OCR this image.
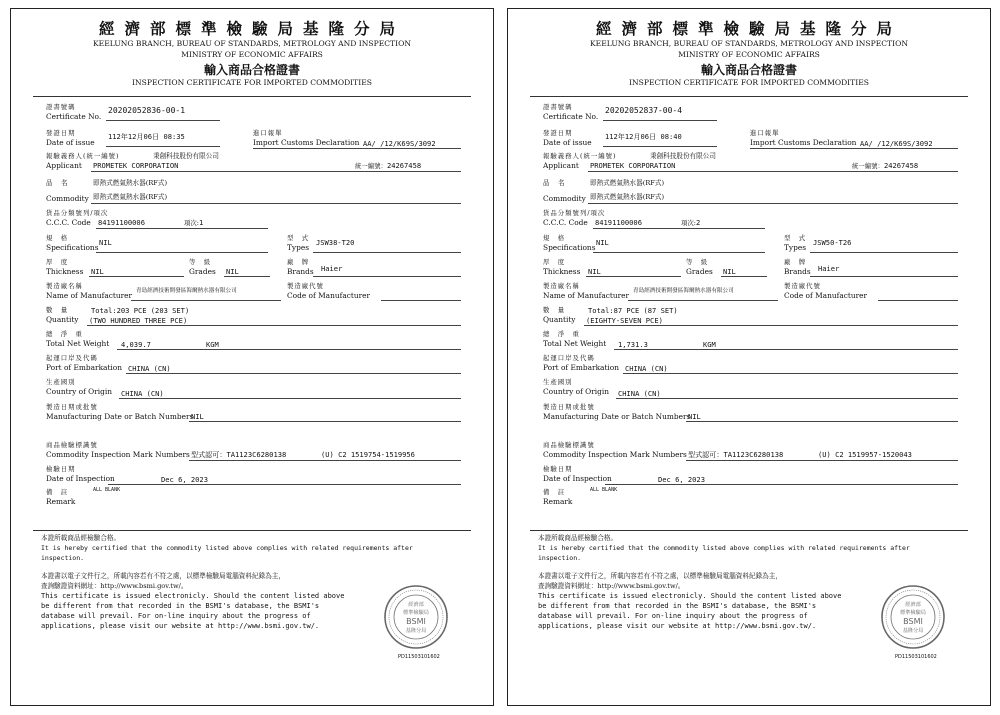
經濟部標準檢驗局基隆分局
KEELUNG BRANCH, BUREAU OF STANDARDS, METROLOGY AND INSPECTION
MINISTRY OF ECONOMIC AFFAIRS
輸入商品合格證書
INSPECTION CERTIFICATE FOR IMPORTED COMMODITIES
證書號碼
Certificate No.
20202052836-00-1
發證日期
Date of issue
112年12月06日 08:35	進口報單
Import Customs Declaration AA/ /12/K69S/3092
報驗義務人(統一編號)
Applicant
秉創科技股份有限公司
PROMETEK CORPORATION	統一編號：24267458
品　名	即熱式燃氣熱水器(RF式)
Commodity 即熱式燃氣熱水器(RF式)
貨品分類號列/項次
C.C.C. Code	84191100006	項次:1
規　格
Specifications
NIL	型　式
Types
JSW38-T20
厚　度
Thickness NIL
等　級
Grades NIL
廠　牌
Brands Haier
製造廠名稱
Name of Manufacturer 青島經濟技術開發區海爾熱水器有限公司
製造廠代號
Code of Manufacturer
數　量
Quantity
Total:203 PCE (203 SET)
(TWO HUNDRED THREE PCE)
總　淨　重
Total Net Weight 4,039.7	KGM
起運口岸及代碼
Port of Embarkation CHINA (CN)
生產國別
Country of Origin CHINA (CN)
製造日期或批號
Manufacturing Date or Batch Numbers
NIL
商品檢驗標識號
Commodity Inspection Mark Numbers 型式認可：TA1123C6280138	(U) C2 1519754-1519956
檢驗日期
Date of Inspection	Dec 6, 2023
備　註
Remark
ALL BLANK
本證所載商品經檢驗合格。
It is hereby certified that the commodity listed above complies with related requirements after
inspection.
本證書以電子文件行之，所載內容若有不符之處，以標準檢驗局電腦資料紀錄為主，
查詢驗證資料網址：http://www.bsmi.gov.tw/。
This certificate is issued electronicly. Should the content listed above
be different from that recorded in the BSMI's database, the BSMI's
database will prevail. For on-line inquiry about the progress of
applications, please visit our website at http://www.bsmi.gov.tw/.
經濟部
標準檢驗局
BSMI
基隆分局
PD11503101602
經濟部標準檢驗局基隆分局
KEELUNG BRANCH, BUREAU OF STANDARDS, METROLOGY AND INSPECTION
MINISTRY OF ECONOMIC AFFAIRS
輸入商品合格證書
INSPECTION CERTIFICATE FOR IMPORTED COMMODITIES
證書號碼
Certificate No.
20202052837-00-4
發證日期
Date of issue
112年12月06日 08:40	進口報單
Import Customs Declaration AA/ /12/K69S/3092
報驗義務人(統一編號)
Applicant
秉創科技股份有限公司
PROMETEK CORPORATION	統一編號：24267458
品　名	即熱式燃氣熱水器(RF式)
Commodity 即熱式燃氣熱水器(RF式)
貨品分類號列/項次
C.C.C. Code	84191100006	項次:2
規　格
Specifications
NIL	型　式
Types
JSW50-T26
厚　度
Thickness NIL
等　級
Grades NIL
廠　牌
Brands Haier
製造廠名稱
Name of Manufacturer 青島經濟技術開發區海爾熱水器有限公司
製造廠代號
Code of Manufacturer
數　量
Quantity
Total:87 PCE (87 SET)
(EIGHTY-SEVEN PCE)
總　淨　重
Total Net Weight 1,731.3	KGM
起運口岸及代碼
Port of Embarkation CHINA (CN)
生產國別
Country of Origin CHINA (CN)
製造日期或批號
Manufacturing Date or Batch Numbers
NIL
商品檢驗標識號
Commodity Inspection Mark Numbers 型式認可：TA1123C6280138	(U) C2 1519957-1520043
檢驗日期
Date of Inspection	Dec 6, 2023
備　註
Remark
ALL BLANK
本證所載商品經檢驗合格。
It is hereby certified that the commodity listed above complies with related requirements after
inspection.
本證書以電子文件行之，所載內容若有不符之處，以標準檢驗局電腦資料紀錄為主，
查詢驗證資料網址：http://www.bsmi.gov.tw/。
This certificate is issued electronicly. Should the content listed above
be different from that recorded in the BSMI's database, the BSMI's
database will prevail. For on-line inquiry about the progress of
applications, please visit our website at http://www.bsmi.gov.tw/.
經濟部
標準檢驗局
BSMI
基隆分局
PD11503101602
